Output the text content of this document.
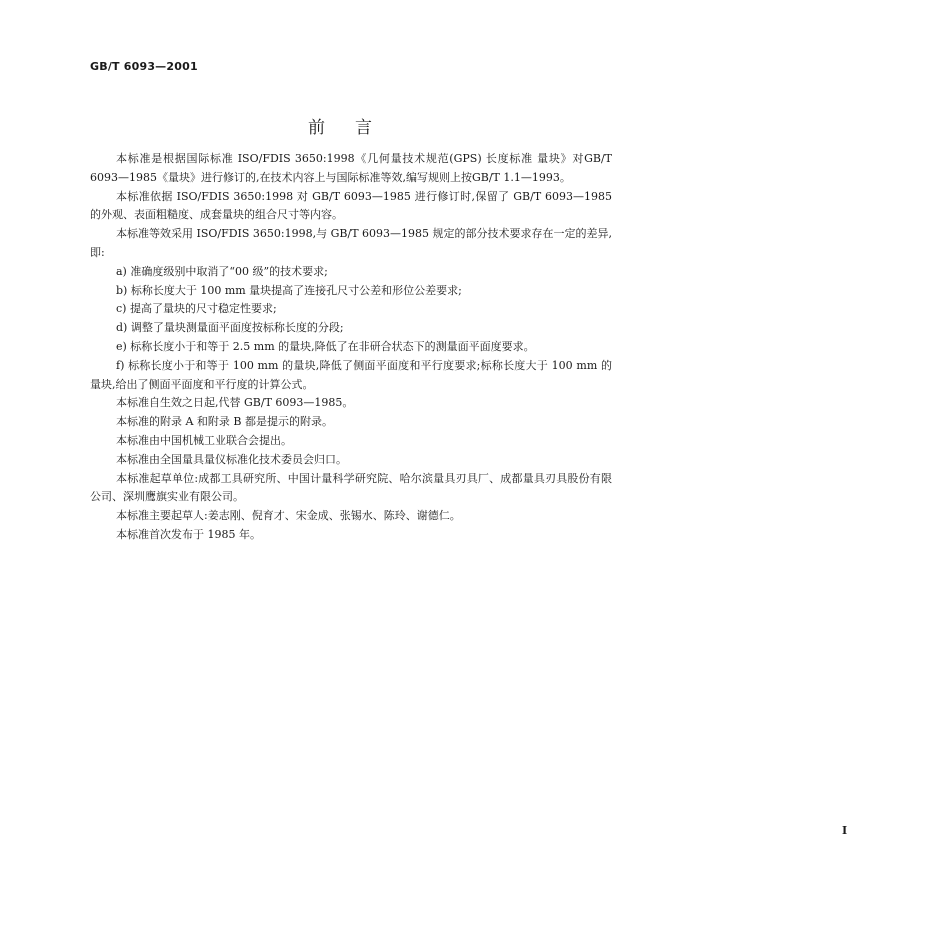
GB/T 6093—2001
前言

本标准是根据国际标准 ISO/FDIS 3650:1998《几何量技术规范(GPS) 长度标准 量块》对GB/T 6093—1985《量块》进行修订的,在技术内容上与国际标准等效,编写规则上按GB/T 1.1—1993。

本标准依据 ISO/FDIS 3650:1998 对 GB/T 6093—1985 进行修订时,保留了 GB/T 6093—1985 的外观、表面粗糙度、成套量块的组合尺寸等内容。

本标准等效采用 ISO/FDIS 3650:1998,与 GB/T 6093—1985 规定的部分技术要求存在一定的差异,即:

a) 准确度级别中取消了“00 级”的技术要求;

b) 标称长度大于 100 mm 量块提高了连接孔尺寸公差和形位公差要求;

c) 提高了量块的尺寸稳定性要求;

d) 调整了量块测量面平面度按标称长度的分段;

e) 标称长度小于和等于 2.5 mm 的量块,降低了在非研合状态下的测量面平面度要求。

f) 标称长度小于和等于 100 mm 的量块,降低了侧面平面度和平行度要求;标称长度大于 100 mm 的量块,给出了侧面平面度和平行度的计算公式。

本标准自生效之日起,代替 GB/T 6093—1985。

本标准的附录 A 和附录 B 都是提示的附录。

本标准由中国机械工业联合会提出。

本标准由全国量具量仪标准化技术委员会归口。

本标准起草单位:成都工具研究所、中国计量科学研究院、哈尔滨量具刃具厂、成都量具刃具股份有限公司、深圳鹰旗实业有限公司。

本标准主要起草人:姜志刚、倪育才、宋金成、张锡水、陈玲、谢德仁。

本标准首次发布于 1985 年。

I
